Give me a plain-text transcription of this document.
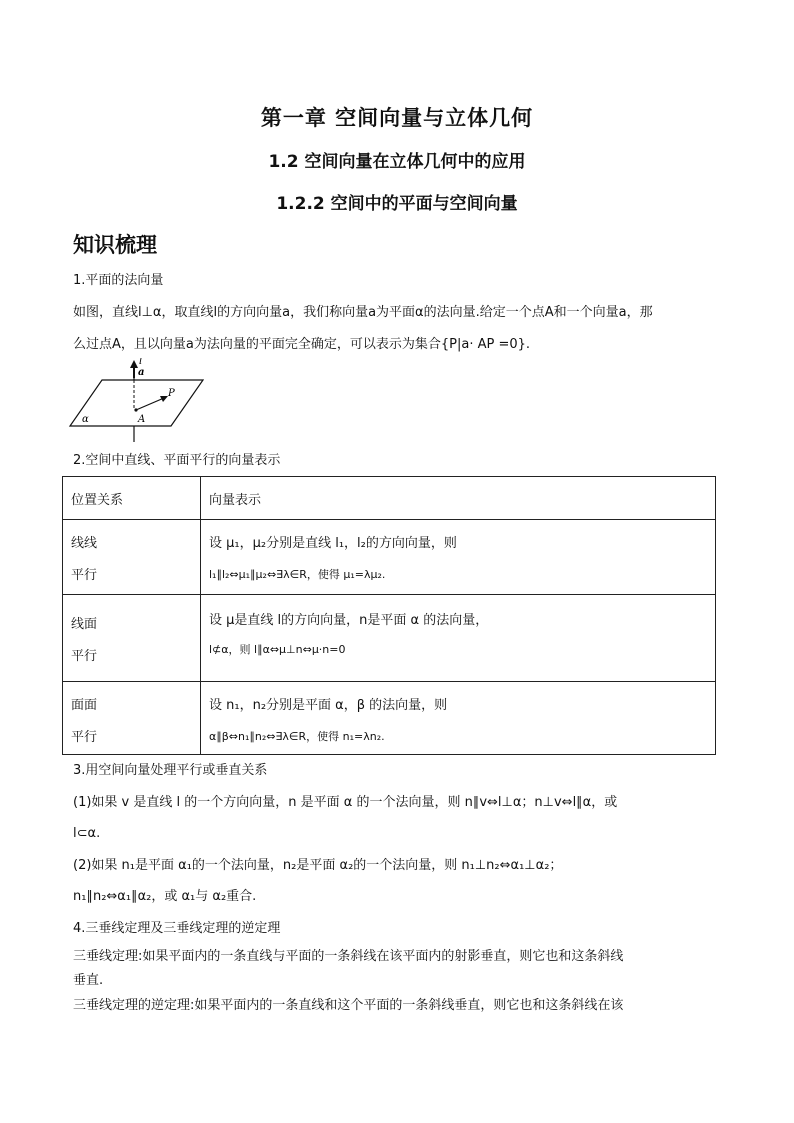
第一章 空间向量与立体几何
1.2 空间向量在立体几何中的应用
1.2.2 空间中的平面与空间向量
知识梳理
1.平面的法向量
如图，直线l⊥α，取直线l的方向向量a，我们称向量a为平面α的法向量.给定一个点A和一个向量a，那
么过点A，且以向量a为法向量的平面完全确定，可以表示为集合{P|a· AP =0}.
l
a
α	A
P
2.空间中直线、平面平行的向量表示
位置关系	向量表示

线线
平行	设 μ₁，μ₂分别是直线 l₁，l₂的方向向量，则
l₁∥l₂⇔μ₁∥μ₂⇔∃λ∈R，使得 μ₁=λμ₂.

线面
平行	设 μ是直线 l的方向向量，n是平面 α 的法向量，
l⊄α，则 l∥α⇔μ⊥n⇔μ·n=0

面面
平行	设 n₁，n₂分别是平面 α，β 的法向量，则
α∥β⇔n₁∥n₂⇔∃λ∈R，使得 n₁=λn₂.
3.用空间向量处理平行或垂直关系
(1)如果 v 是直线 l 的一个方向向量，n 是平面 α 的一个法向量，则 n∥v⇔l⊥α；n⊥v⇔l∥α，或
l⊂α.
(2)如果 n₁是平面 α₁的一个法向量，n₂是平面 α₂的一个法向量，则 n₁⊥n₂⇔α₁⊥α₂；
n₁∥n₂⇔α₁∥α₂，或 α₁与 α₂重合.
4.三垂线定理及三垂线定理的逆定理
三垂线定理:如果平面内的一条直线与平面的一条斜线在该平面内的射影垂直，则它也和这条斜线
垂直.
三垂线定理的逆定理:如果平面内的一条直线和这个平面的一条斜线垂直，则它也和这条斜线在该
